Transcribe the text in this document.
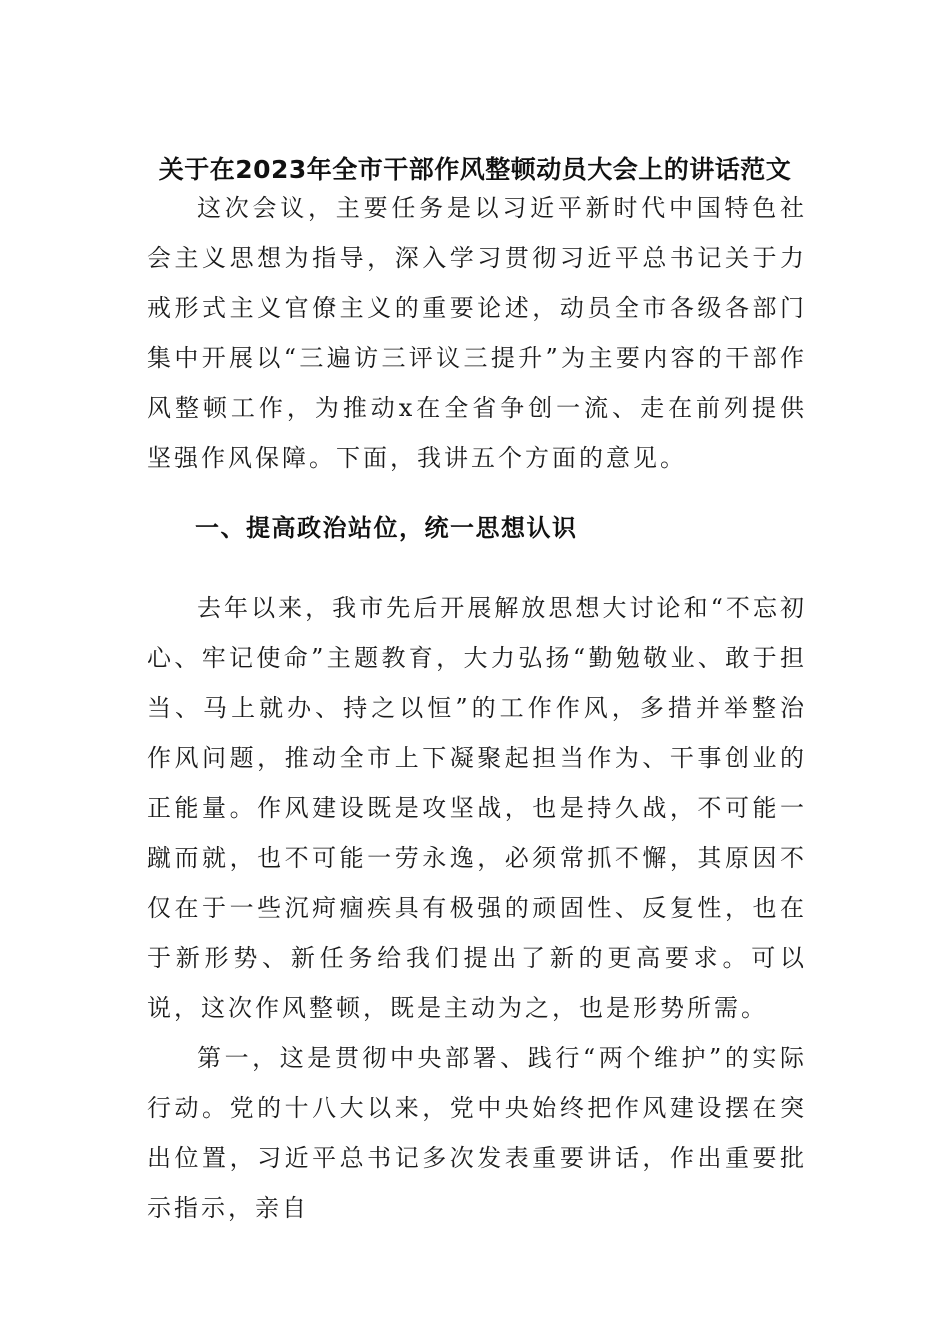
关于在2023年全市干部作风整顿动员大会上的讲话范文

这次会议，主要任务是以习近平新时代中国特色社会主义思想为指导，深入学习贯彻习近平总书记关于力戒形式主义官僚主义的重要论述，动员全市各级各部门集中开展以“三遍访三评议三提升”为主要内容的干部作风整顿工作，为推动x在全省争创一流、走在前列提供坚强作风保障。下面，我讲五个方面的意见。

一、提高政治站位，统一思想认识

去年以来，我市先后开展解放思想大讨论和“不忘初心、牢记使命”主题教育，大力弘扬“勤勉敬业、敢于担当、马上就办、持之以恒”的工作作风，多措并举整治作风问题，推动全市上下凝聚起担当作为、干事创业的正能量。作风建设既是攻坚战，也是持久战，不可能一蹴而就，也不可能一劳永逸，必须常抓不懈，其原因不仅在于一些沉疴痼疾具有极强的顽固性、反复性，也在于新形势、新任务给我们提出了新的更高要求。可以说，这次作风整顿，既是主动为之，也是形势所需。

第一，这是贯彻中央部署、践行“两个维护”的实际行动。党的十八大以来，党中央始终把作风建设摆在突出位置，习近平总书记多次发表重要讲话，作出重要批示指示，亲自
